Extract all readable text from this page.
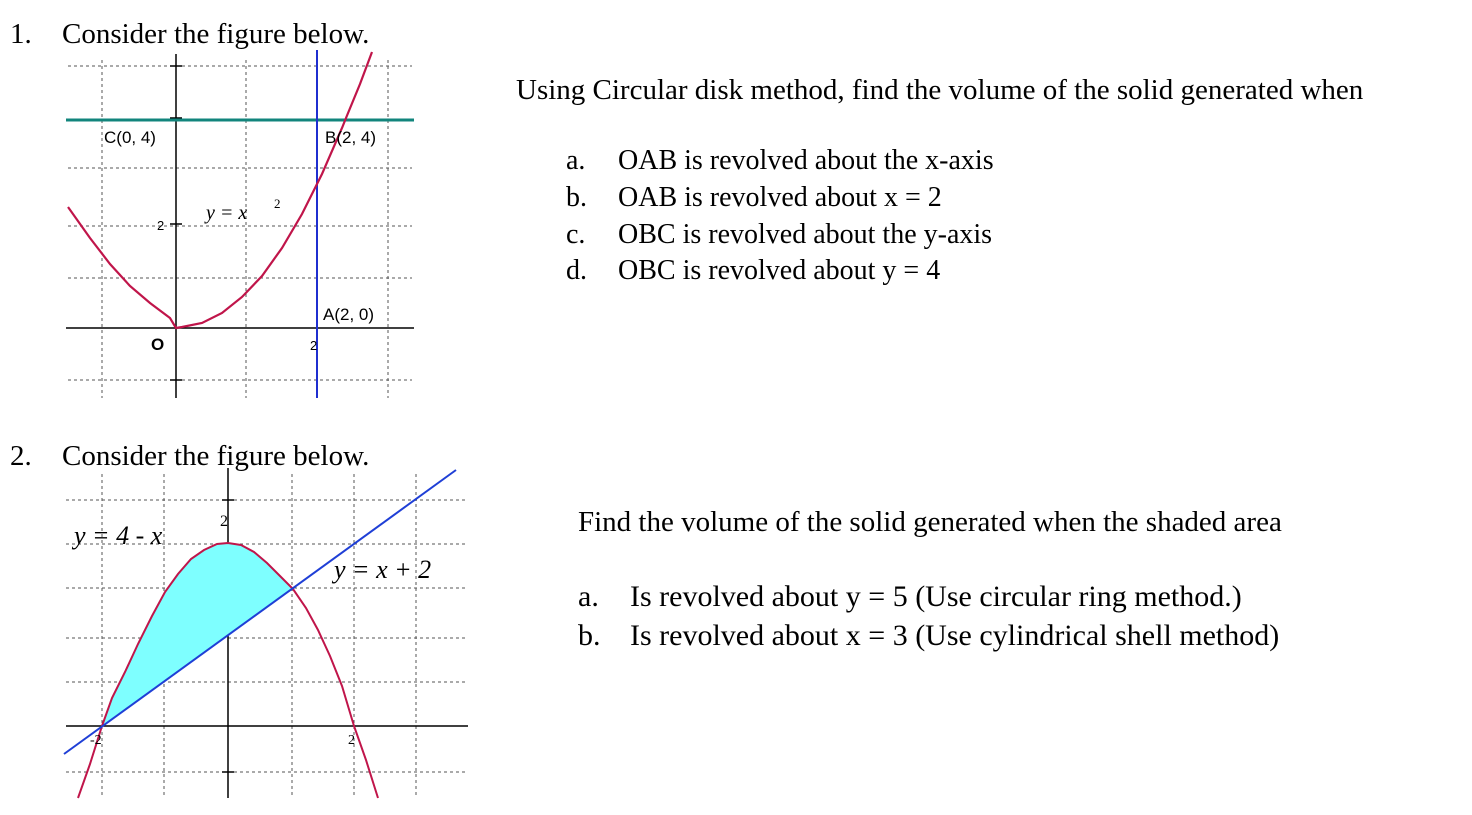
1. Consider the figure below.
C(0, 4)	B(2, 4)
A(2, 0)
O
2
2
y = x 2
Using Circular disk method, find the volume of the solid generated when
a. OAB is revolved about the x-axis
b. OAB is revolved about x = 2
c. OBC is revolved about the y-axis
d. OBC is revolved about y = 4
2. Consider the figure below.
y = 4 - x	2
y = x + 2
-2	2
Find the volume of the solid generated when the shaded area
a. Is revolved about y = 5 (Use circular ring method.)
b. Is revolved about x = 3 (Use cylindrical shell method)
